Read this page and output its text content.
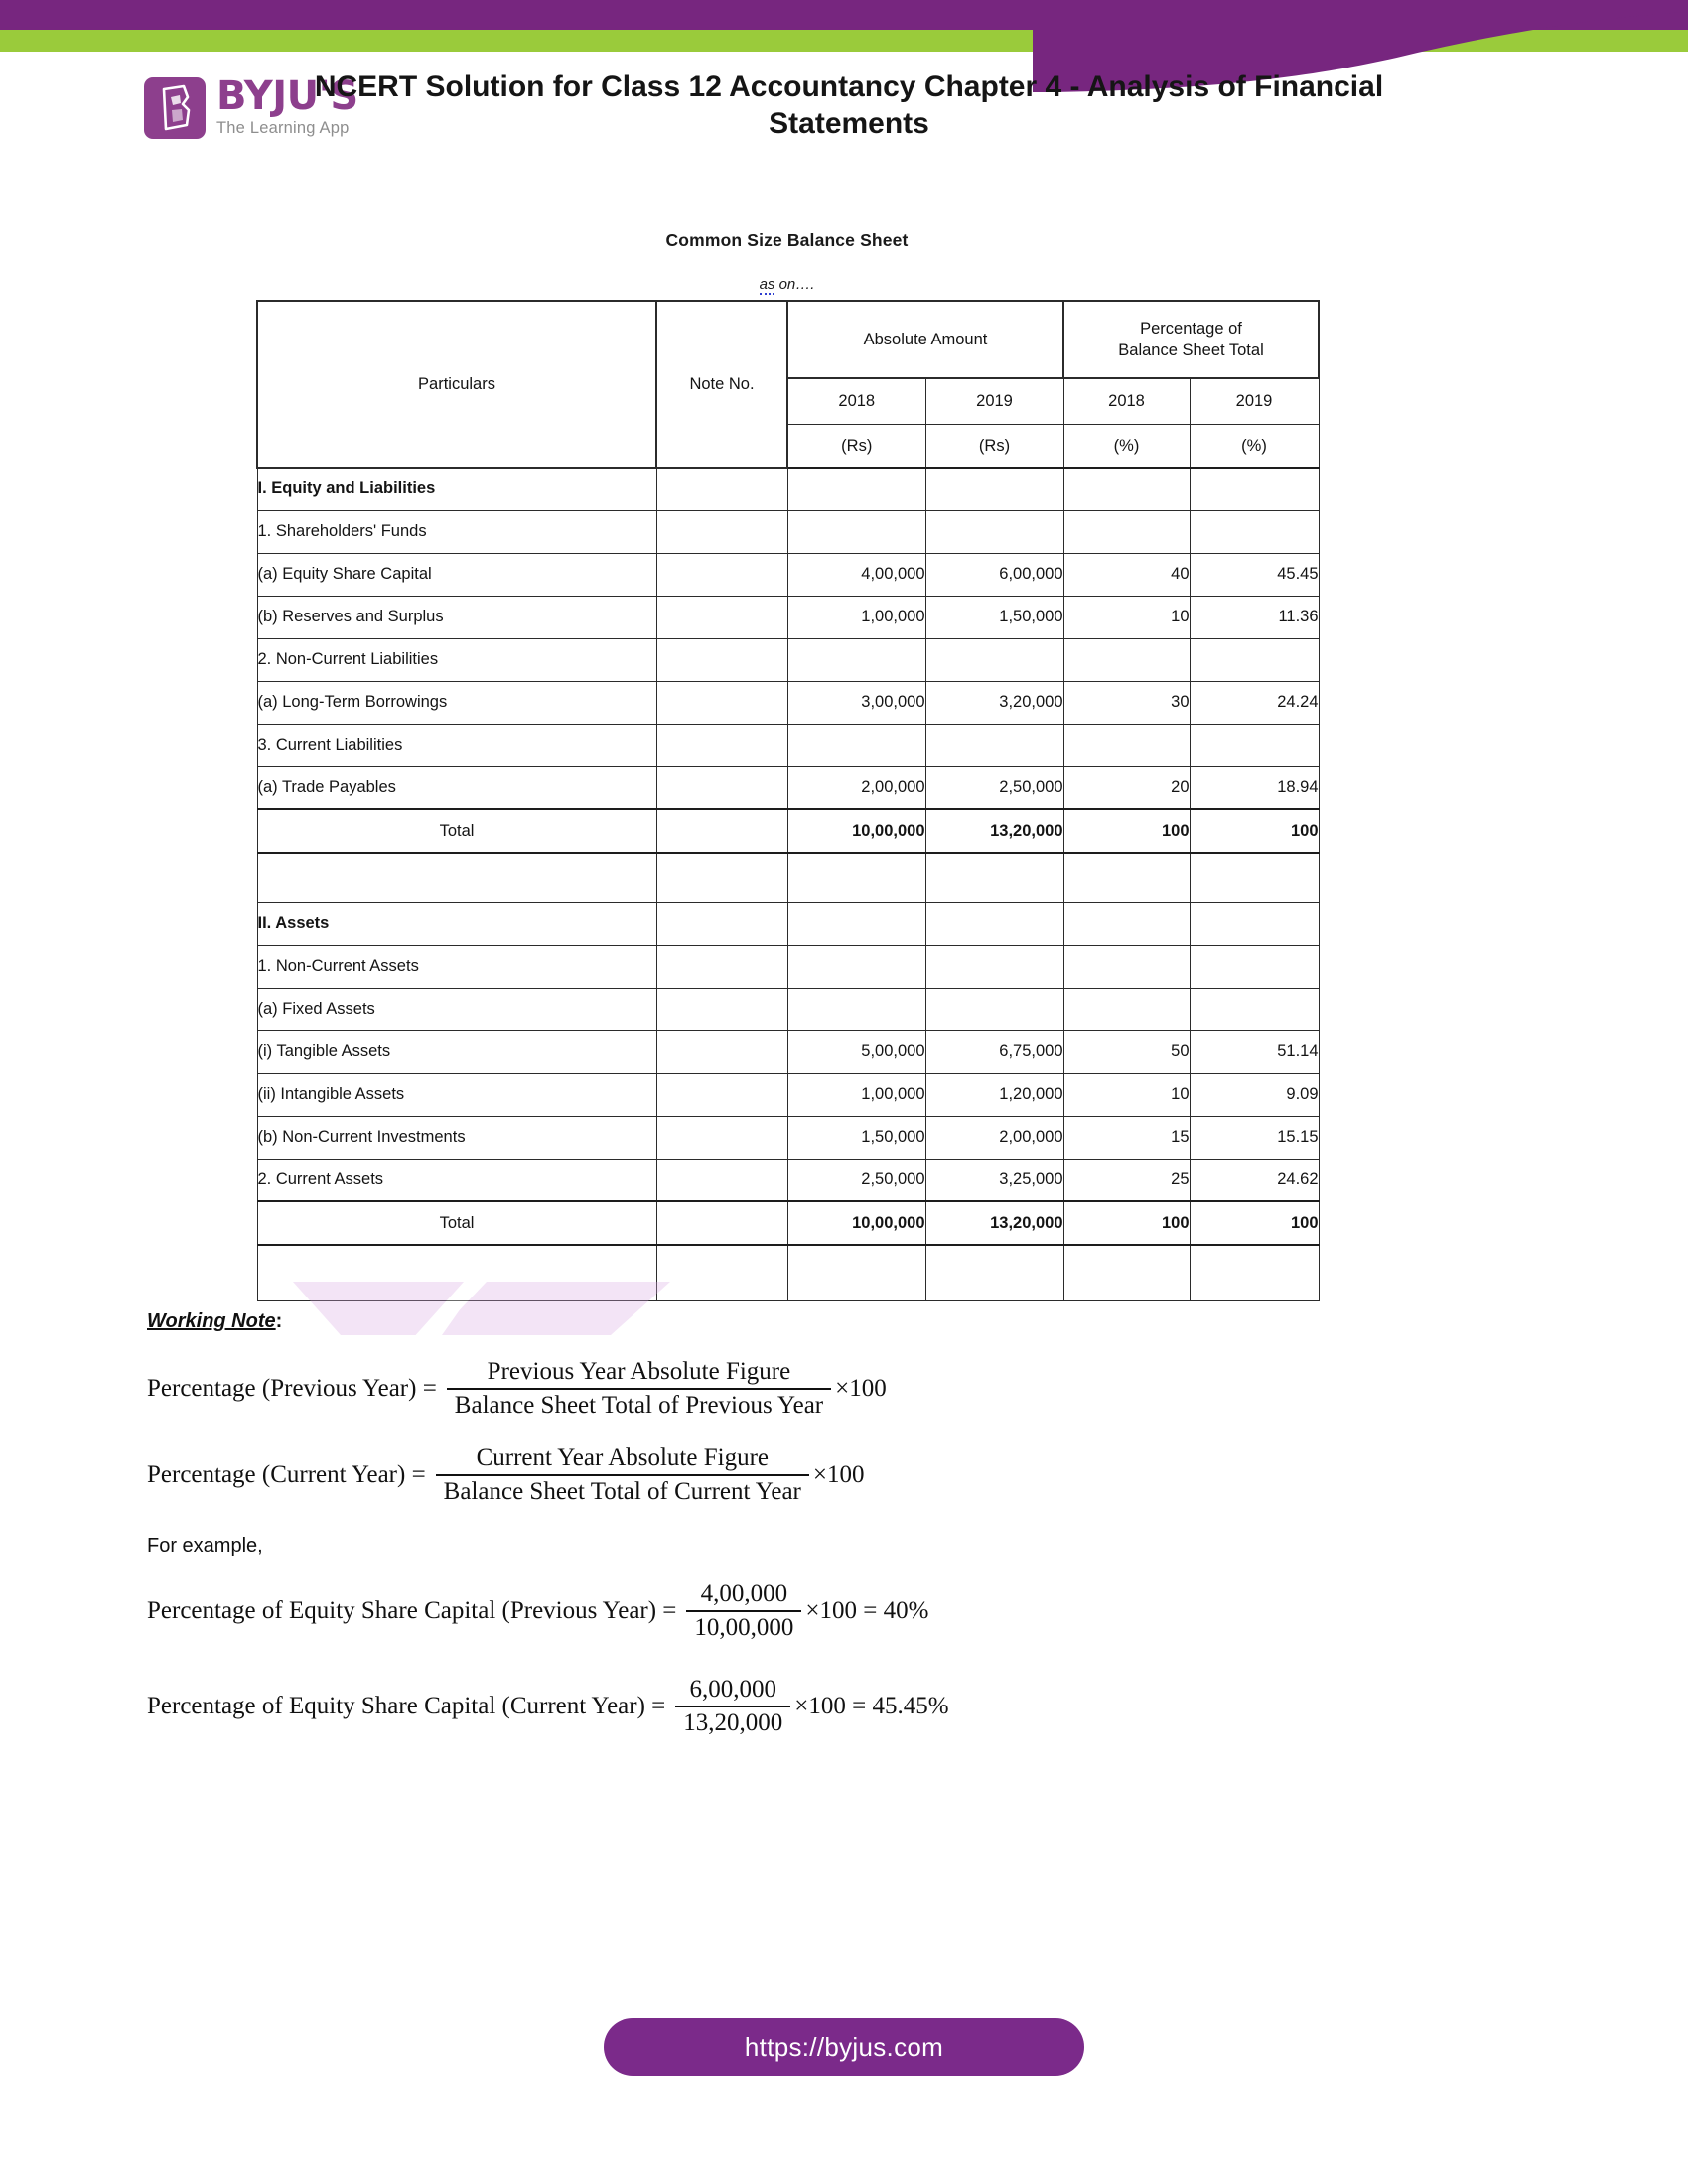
BYJU'S
The Learning App
NCERT Solution for Class 12 Accountancy Chapter 4 - Analysis of Financial Statements
Common Size Balance Sheet
as on….
Particulars	Note No.	Absolute Amount		Percentage of
Balance Sheet Total	

		2018	2019	2018	2019
		(Rs)	(Rs)	(%)	(%)
I. Equity and Liabilities					
1. Shareholders' Funds					
(a) Equity Share Capital		4,00,000	6,00,000	40	45.45
(b) Reserves and Surplus		1,00,000	1,50,000	10	11.36
2. Non-Current Liabilities					
(a) Long-Term Borrowings		3,00,000	3,20,000	30	24.24
3. Current Liabilities					
(a) Trade Payables		2,00,000	2,50,000	20	18.94
Total		10,00,000	13,20,000	100	100

II. Assets					
1. Non-Current Assets					
(a) Fixed Assets					
(i) Tangible Assets		5,00,000	6,75,000	50	51.14
(ii) Intangible Assets		1,00,000	1,20,000	10	9.09
(b) Non-Current Investments		1,50,000	2,00,000	15	15.15
2. Current Assets		2,50,000	3,25,000	25	24.62
Total		10,00,000	13,20,000	100	100

Working Note:
Percentage (Previous Year) = $\frac{\text{Previous Year Absolute Figure}}{\text{Balance Sheet Total of Previous Year}} \times 100$
Percentage (Current Year) = $\frac{\text{Current Year Absolute Figure}}{\text{Balance Sheet Total of Current Year}} \times 100$
For example,
Percentage of Equity Share Capital (Previous Year) = $\frac{4,00,000}{10,00,000} \times 100 = 40\%$
Percentage of Equity Share Capital (Current Year) = $\frac{6,00,000}{13,20,000} \times 100 = 45.45\%$
https://byjus.com
